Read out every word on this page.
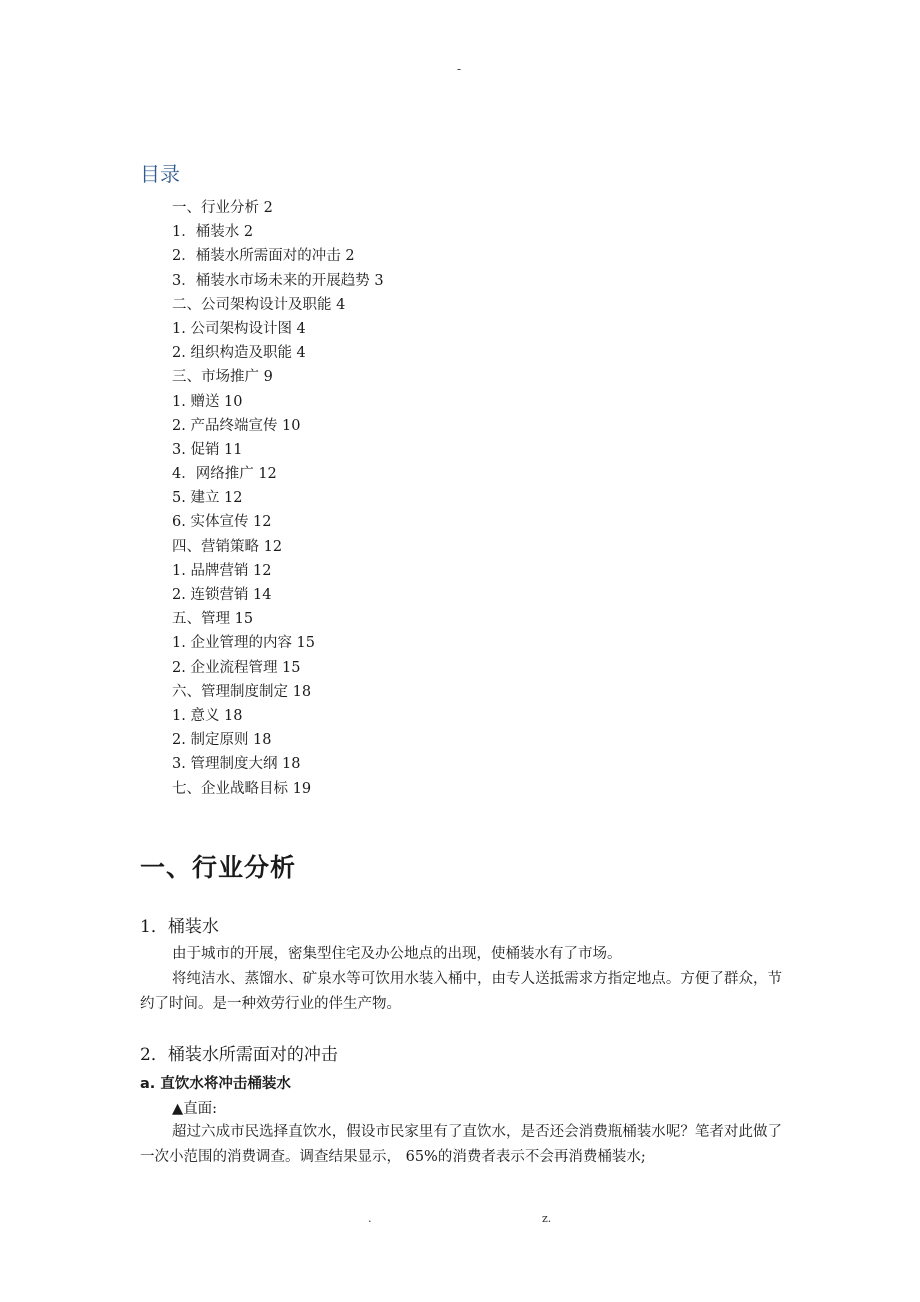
-
目录
一、行业分析 2
1．桶装水 2
2．桶装水所需面对的冲击 2
3．桶装水市场未来的开展趋势 3
二、公司架构设计及职能 4
1. 公司架构设计图 4
2. 组织构造及职能 4
三、市场推广 9
1. 赠送 10
2. 产品终端宣传 10
3. 促销 11
4．网络推广 12
5. 建立 12
6. 实体宣传 12
四、营销策略 12
1. 品牌营销 12
2. 连锁营销 14
五、管理 15
1. 企业管理的内容 15
2. 企业流程管理 15
六、管理制度制定 18
1. 意义 18
2. 制定原则 18
3. 管理制度大纲 18
七、企业战略目标 19
一、行业分析
1．桶装水

由于城市的开展，密集型住宅及办公地点的出现，使桶装水有了市场。

将纯洁水、蒸馏水、矿泉水等可饮用水装入桶中，由专人送抵需求方指定地点。方便了群众，节约了时间。是一种效劳行业的伴生产物。

2．桶装水所需面对的冲击
a. 直饮水将冲击桶装水

▲直面:

超过六成市民选择直饮水，假设市民家里有了直饮水，是否还会消费瓶桶装水呢？笔者对此做了一次小范围的消费调查。调查结果显示， 65%的消费者表示不会再消费桶装水;

.	z.
